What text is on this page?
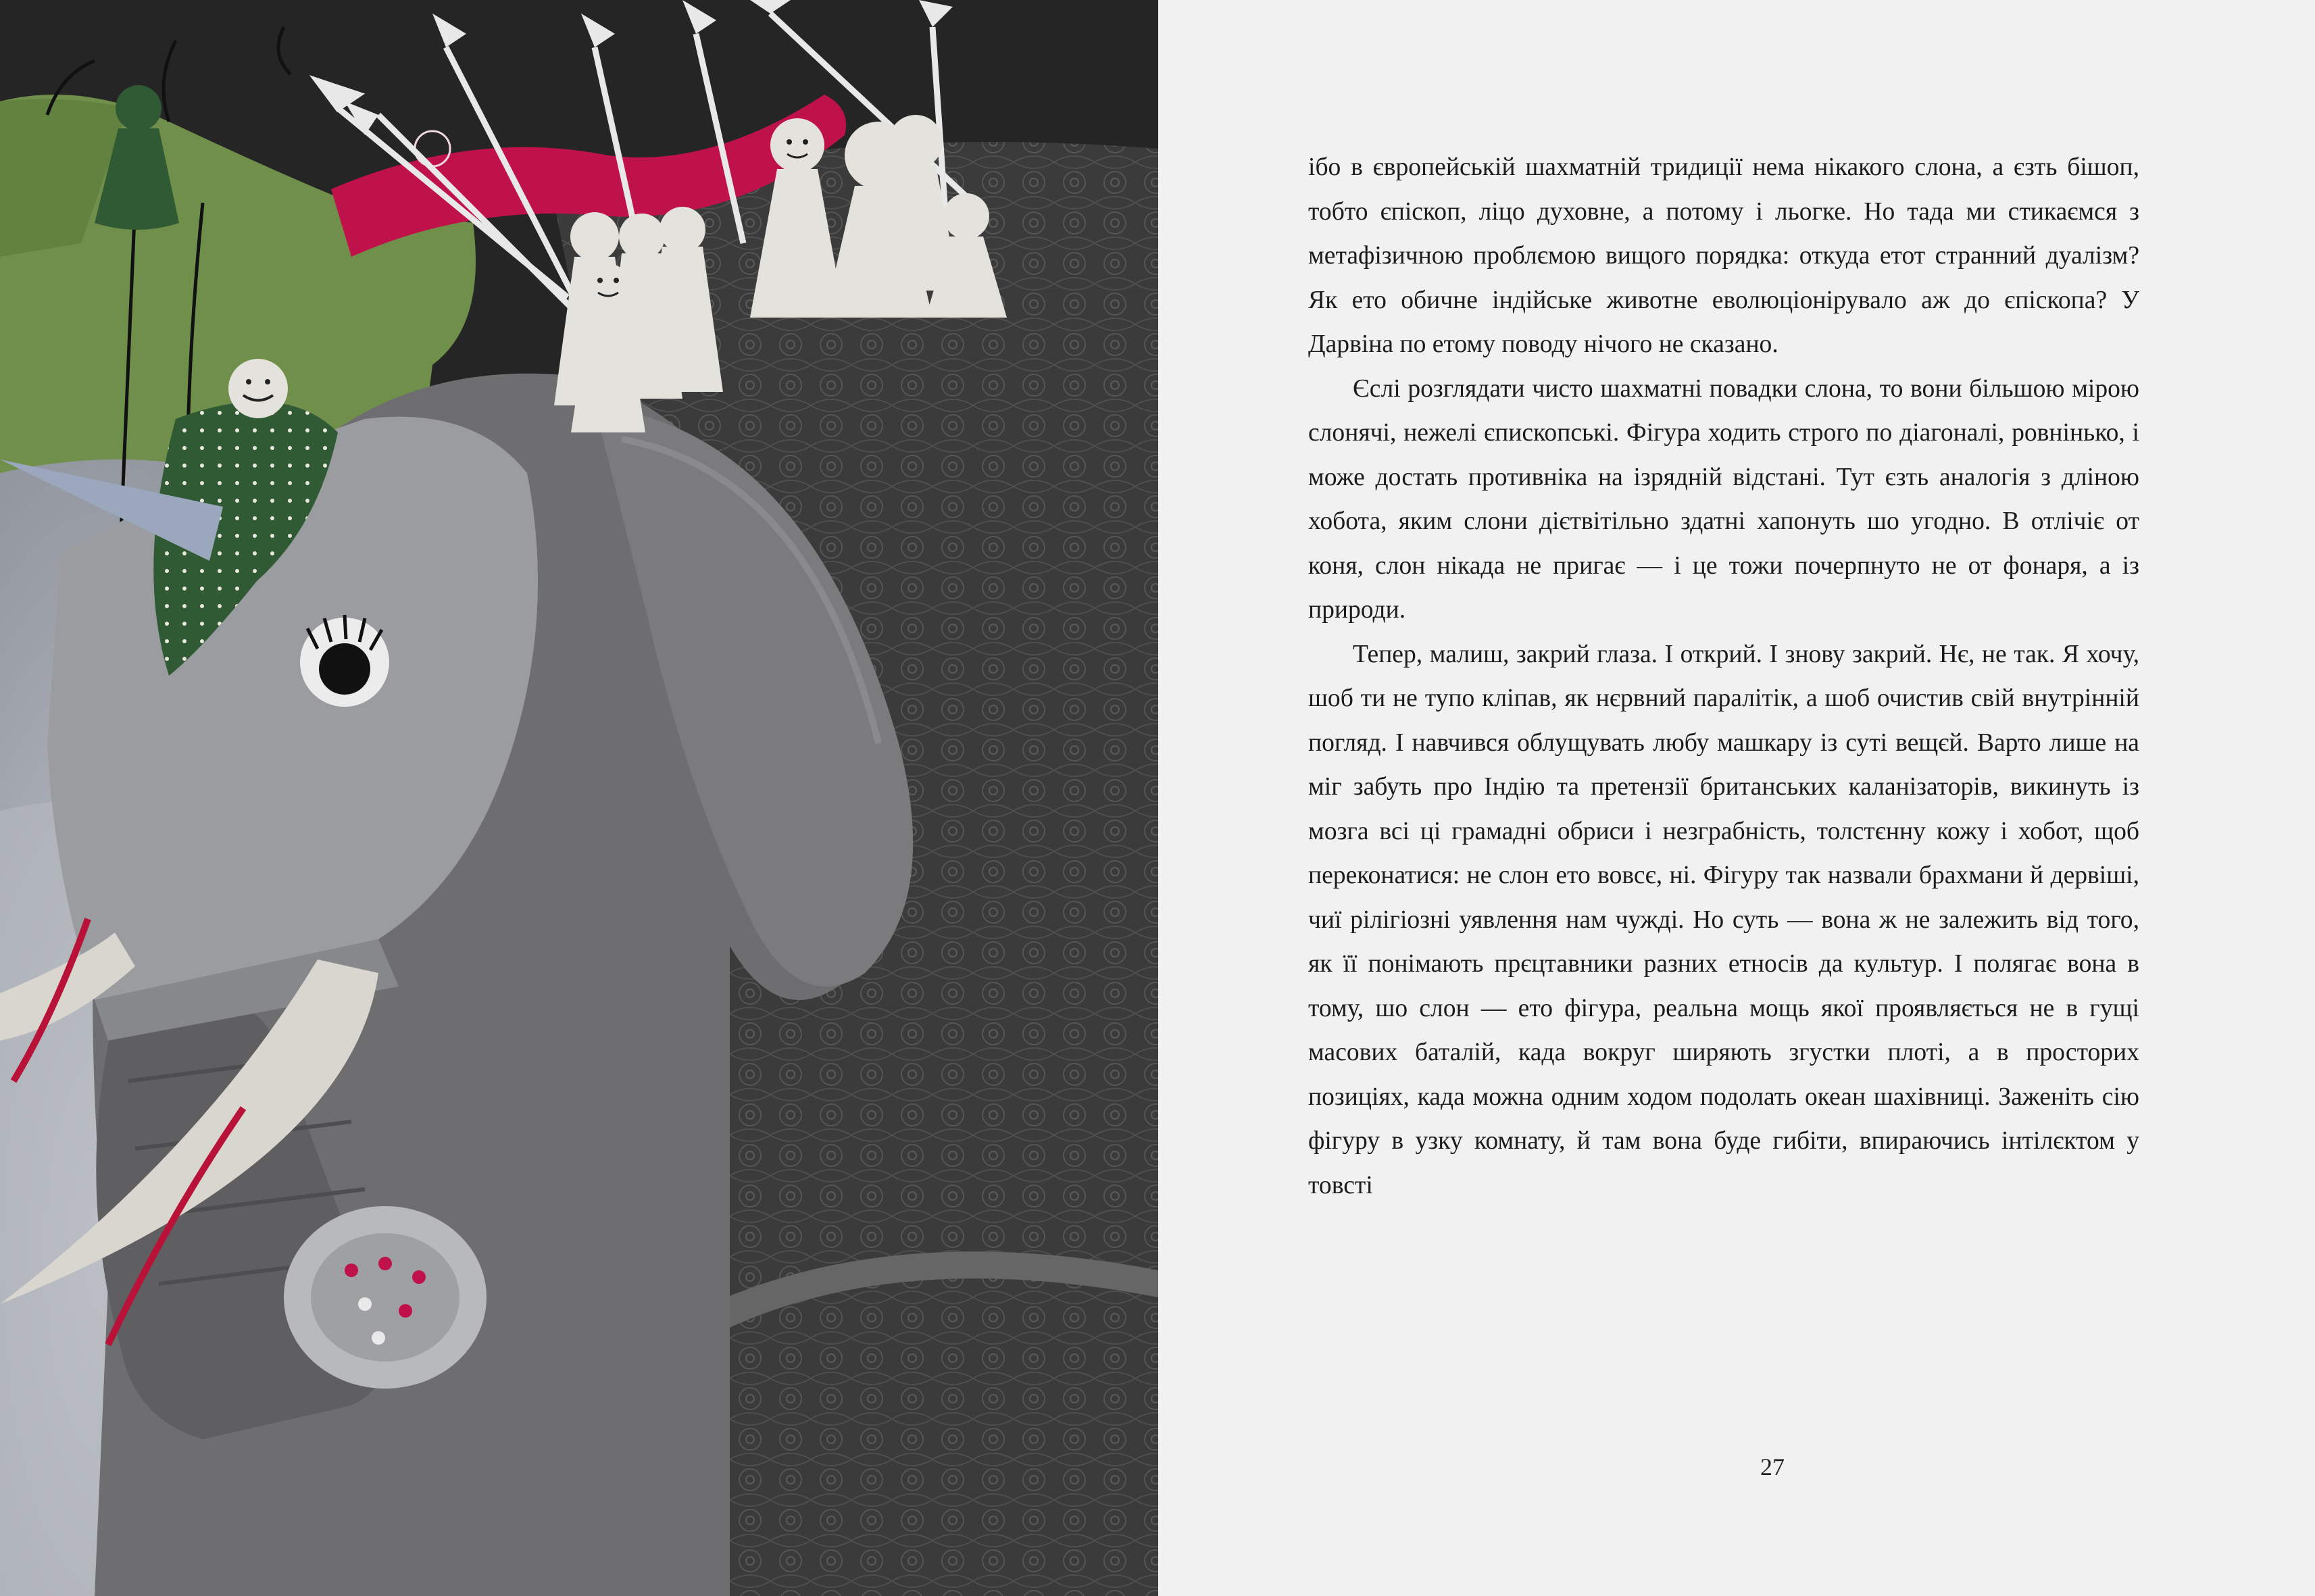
ібо в європейській шахматній тридиції нема нікакого слона, а єзть бішоп, тобто єпіскоп, ліцо духовне, а потому і льогке. Но тада ми стикаємся з метафізичною проблємою вищого порядка: откуда етот странний дуалізм? Як ето обичне індійське животне еволюціонірувало аж до єпіскопа? У Дарвіна по етому поводу нічого не сказано.

Єслі розглядати чисто шахматні повадки слона, то вони більшою мірою слонячі, нежелі єпископські. Фігура ходить строго по діагоналі, ровнінько, і може достать противніка на ізрядній відстані. Тут єзть аналогія з дліною хобота, яким слони дієтвітільно здатні хапонуть шо угодно. В отлічіє от коня, слон нікада не пригає — і це тожи почерпнуто не от фонаря, а із природи.

Тепер, малиш, закрий глаза. І открий. І знову закрий. Нє, не так. Я хочу, шоб ти не тупо кліпав, як нєрвний паралітік, а шоб очистив свій внутрінній погляд. І навчився облущувать любу машкару із суті вещєй. Варто лише на міг забуть про Індію та претензії британських каланізаторів, викинуть із мозга всі ці грамадні обриси і незграбність, толстєнну кожу і хобот, щоб переконатися: не слон ето вовсє, ні. Фігуру так назвали брахмани й дервіші, чиї рілігіозні уявлення нам чужді. Но суть — вона ж не залежить від того, як її понімають прєцтавники разних етносів да культур. І полягає вона в тому, шо слон — ето фігура, реальна мощь якої проявляється не в гущі масових баталій, када вокруг ширяють згустки плоті, а в просторих позиціях, када можна одним ходом подолать океан шахівниці. Заженіть сію фігуру в узку комнату, й там вона буде гибіти, впираючись інтілєктом у товсті

27
